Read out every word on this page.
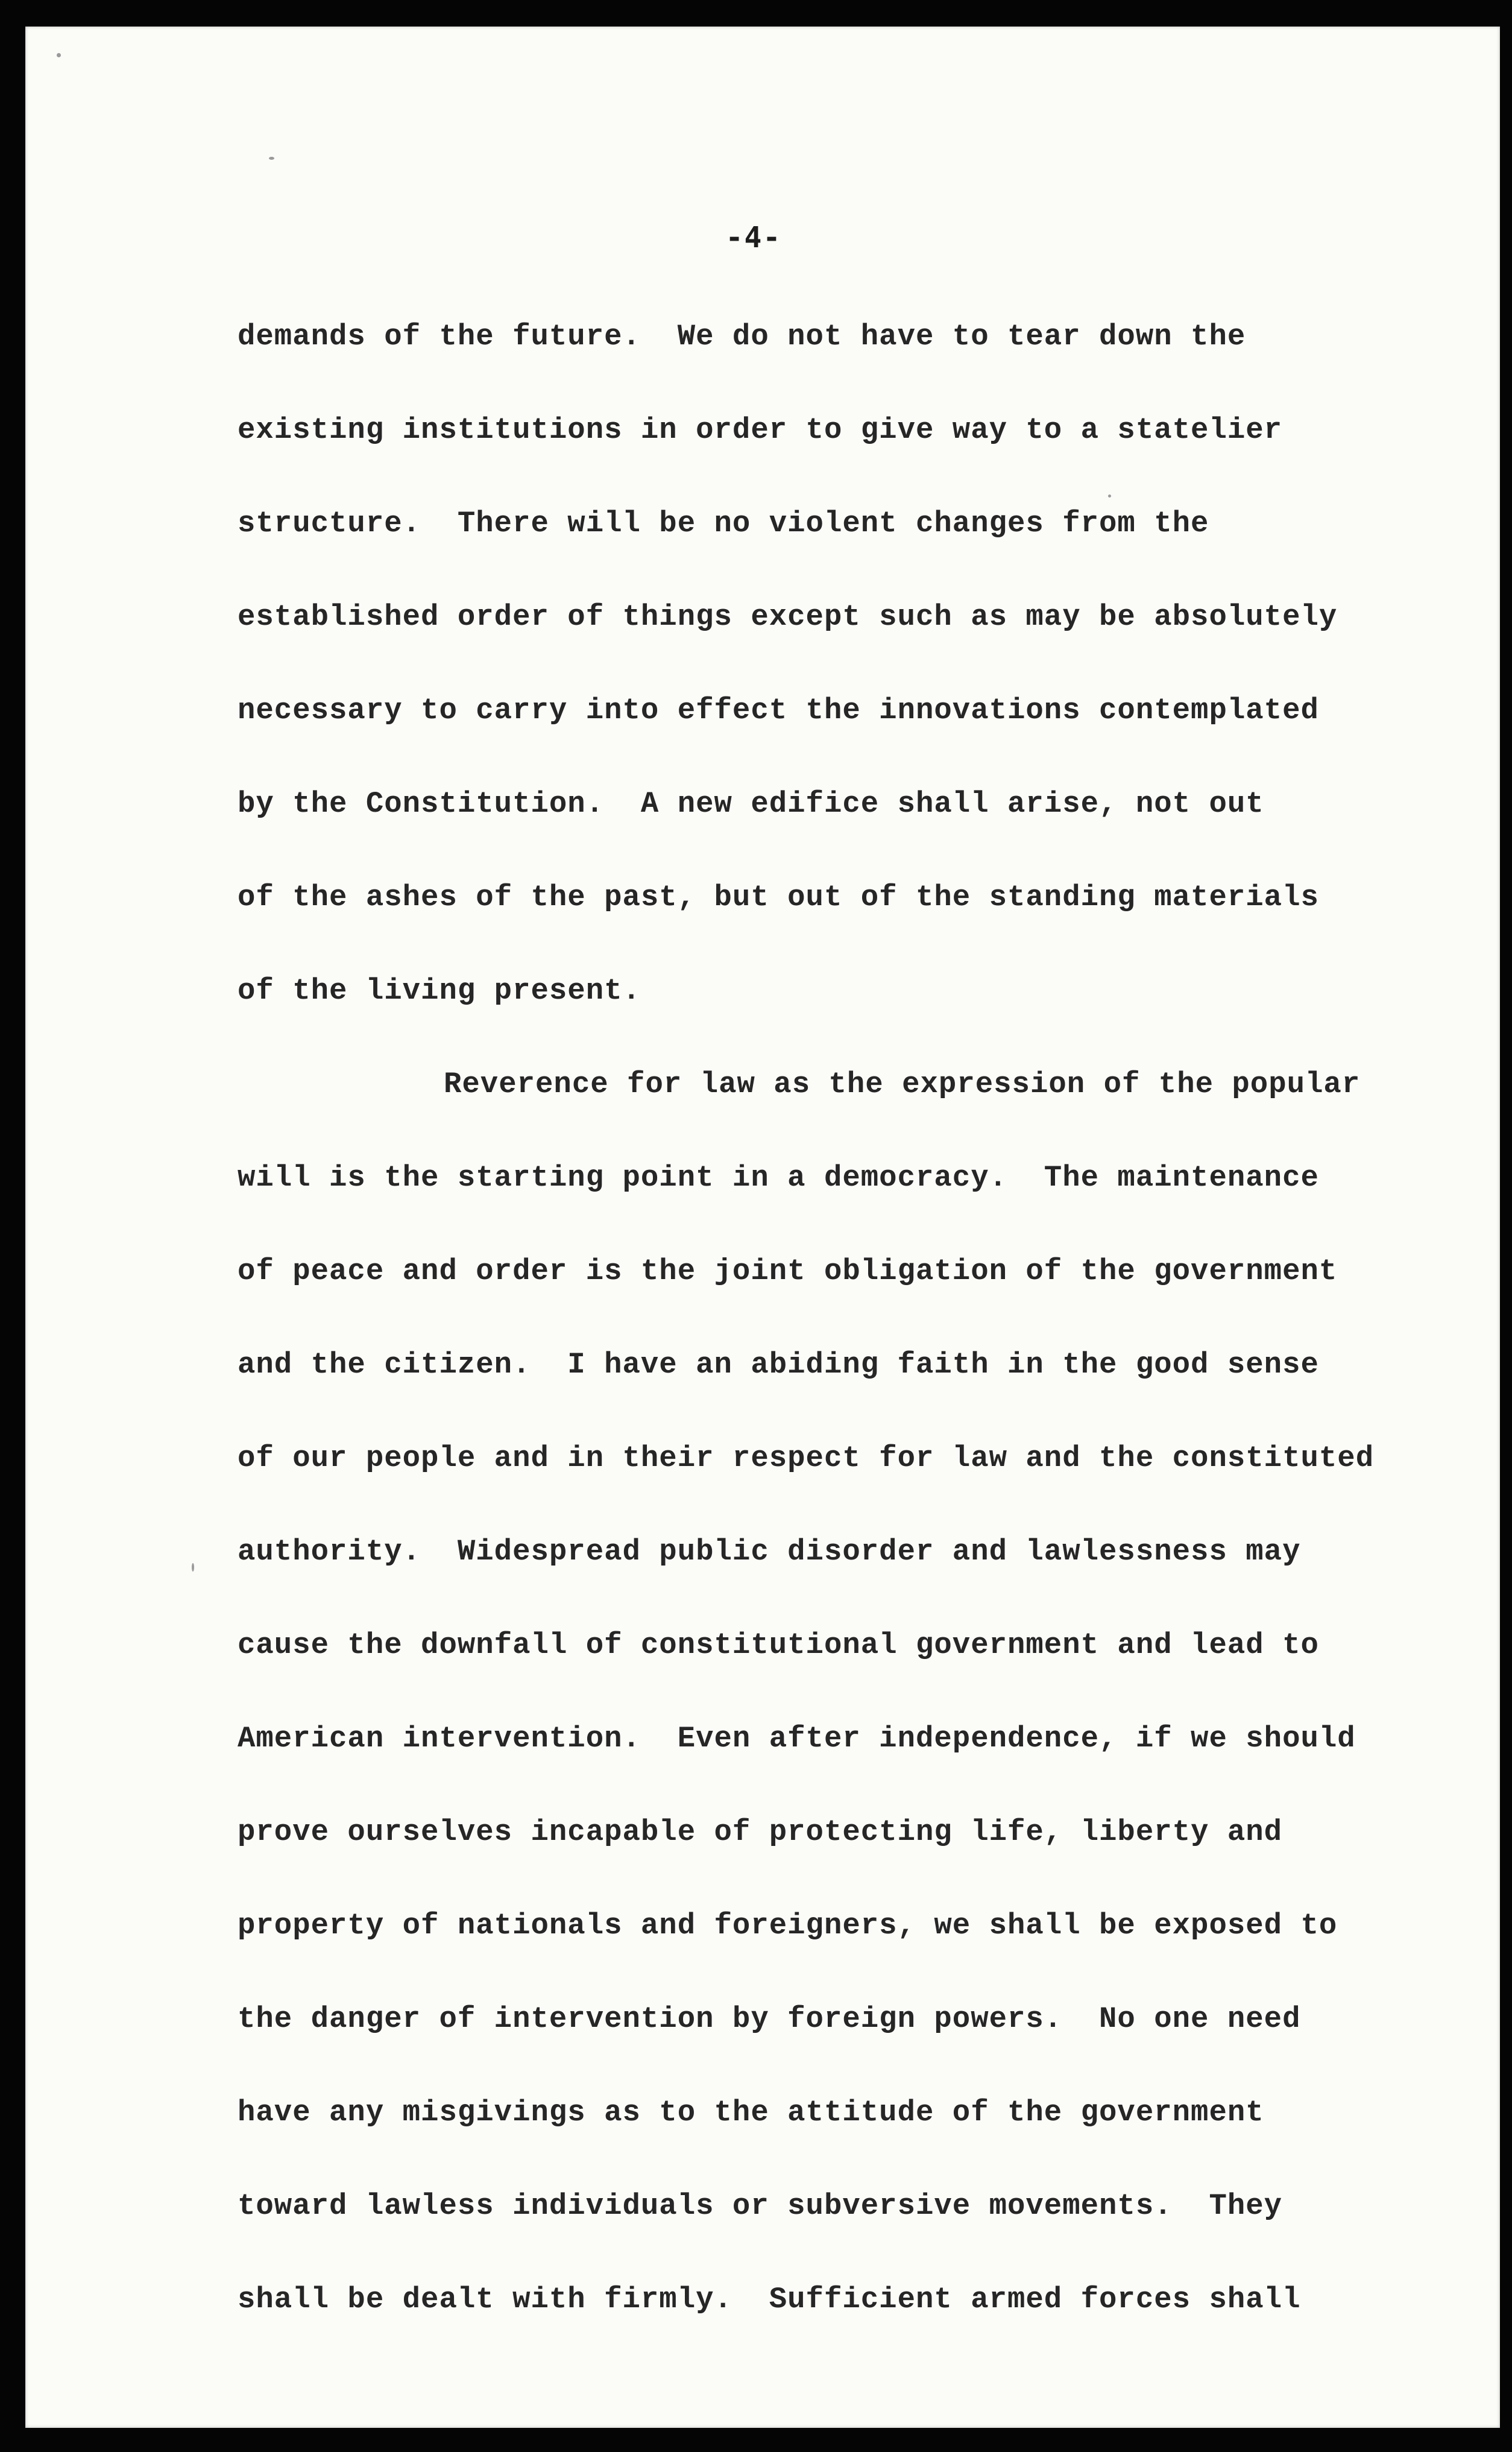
-4-
demands of the future.  We do not have to tear down the
existing institutions in order to give way to a statelier
structure.  There will be no violent changes from the
established order of things except such as may be absolutely
necessary to carry into effect the innovations contemplated
by the Constitution.  A new edifice shall arise, not out
of the ashes of the past, but out of the standing materials
of the living present.
Reverence for law as the expression of the popular
will is the starting point in a democracy.  The maintenance
of peace and order is the joint obligation of the government
and the citizen.  I have an abiding faith in the good sense
of our people and in their respect for law and the constituted
authority.  Widespread public disorder and lawlessness may
cause the downfall of constitutional government and lead to
American intervention.  Even after independence, if we should
prove ourselves incapable of protecting life, liberty and
property of nationals and foreigners, we shall be exposed to
the danger of intervention by foreign powers.  No one need
have any misgivings as to the attitude of the government
toward lawless individuals or subversive movements.  They
shall be dealt with firmly.  Sufficient armed forces shall
